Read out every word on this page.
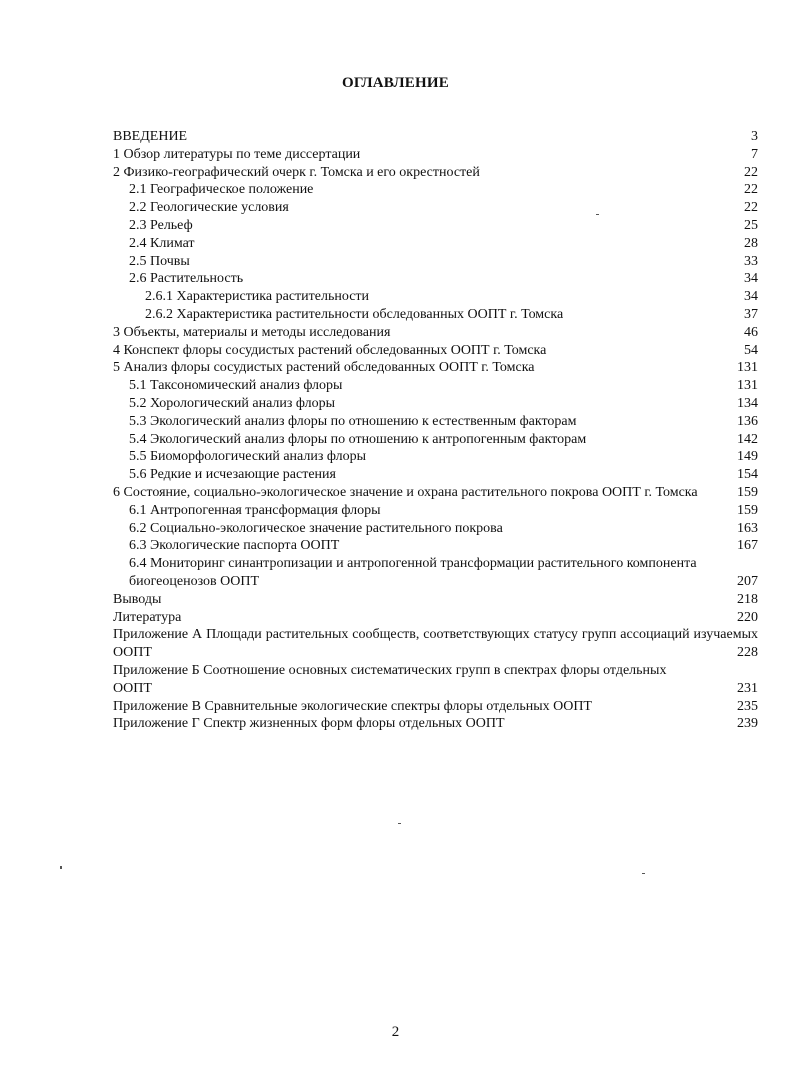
ОГЛАВЛЕНИЕ
ВВЕДЕНИЕ	3
1 Обзор литературы по теме диссертации	7
2 Физико-географический очерк г. Томска и его окрестностей	22
2.1 Географическое положение	22
2.2 Геологические условия	22
2.3 Рельеф	25
2.4 Климат	28
2.5 Почвы	33
2.6 Растительность	34
2.6.1 Характеристика растительности	34
2.6.2 Характеристика растительности обследованных ООПТ г. Томска	37
3 Объекты, материалы и методы исследования	46
4 Конспект флоры сосудистых растений обследованных ООПТ г. Томска	54
5 Анализ флоры сосудистых растений обследованных ООПТ г. Томска	131
5.1 Таксономический анализ флоры	131
5.2 Хорологический анализ флоры	134
5.3 Экологический анализ флоры по отношению к естественным факторам	136
5.4 Экологический анализ флоры по отношению к антропогенным факторам	142
5.5 Биоморфологический анализ флоры	149
5.6 Редкие и исчезающие растения	154
6 Состояние, социально-экологическое значение и охрана растительного покрова ООПТ г. Томска	159
6.1 Антропогенная трансформация флоры	159
6.2 Социально-экологическое значение растительного покрова	163
6.3 Экологические паспорта ООПТ	167
6.4 Мониторинг синантропизации и антропогенной трансформации растительного компонента биогеоценозов ООПТ	207
Выводы	218
Литература	220
Приложение А Площади растительных сообществ, соответствующих статусу групп ассоциаций изучаемых ООПТ	228
Приложение Б Соотношение основных систематических групп в спектрах флоры отдельных ООПТ	231
Приложение В Сравнительные экологические спектры флоры отдельных ООПТ	235
Приложение Г Спектр жизненных форм флоры отдельных ООПТ	239
2
